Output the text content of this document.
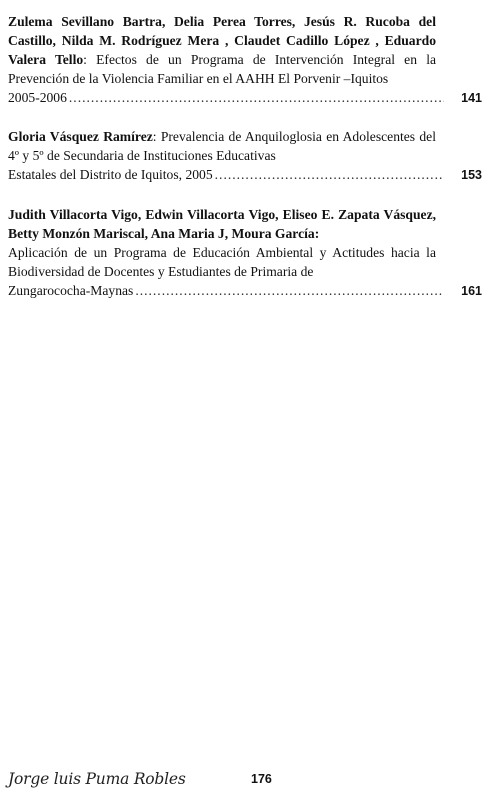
Zulema Sevillano Bartra, Delia Perea Torres, Jesús R. Rucoba del Castillo, Nilda M. Rodríguez Mera , Claudet Cadillo López , Eduardo Valera Tello: Efectos de un Programa de Intervención Integral en la Prevención de la Violencia Familiar en el AAHH El Porvenir –Iquitos
2005-2006 .....	141
Gloria Vásquez Ramírez: Prevalencia de Anquiloglosia en Adolescentes del 4º y 5º de Secundaria de Instituciones Educativas
Estatales del Distrito de Iquitos, 2005 .....	153
Judith Villacorta Vigo, Edwin Villacorta Vigo, Eliseo E. Zapata Vásquez, Betty Monzón Mariscal, Ana Maria J, Moura García:
Aplicación de un Programa de Educación Ambiental y Actitudes hacia la Biodiversidad de Docentes y Estudiantes de Primaria de
Zungarococha-Maynas .....	161
Jorge luis Puma Robles	176
